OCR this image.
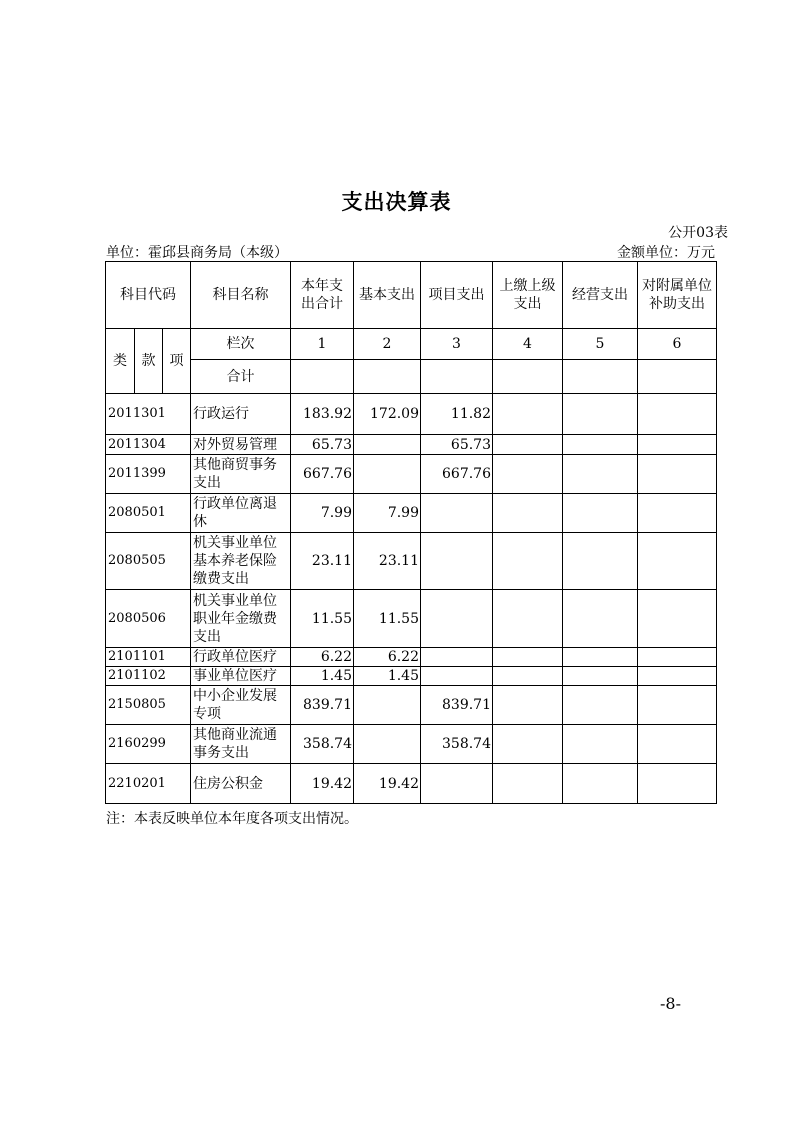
支出决算表
公开03表
单位：霍邱县商务局（本级）	金额单位：万元
科目代码			科目名称	本年支出合计	基本支出	项目支出	上缴上级支出	经营支出	对附属单位补助支出
类	款	项	栏次	1	2	3	4	5	6
			合计						
2011301			行政运行	183.92	172.09	11.82			
2011304			对外贸易管理	65.73		65.73			
2011399			其他商贸事务支出	667.76		667.76			
2080501			行政单位离退休	7.99	7.99				
2080505			机关事业单位基本养老保险缴费支出	23.11	23.11				
2080506			机关事业单位职业年金缴费支出	11.55	11.55				
2101101			行政单位医疗	6.22	6.22				
2101102			事业单位医疗	1.45	1.45				
2150805			中小企业发展专项	839.71		839.71			
2160299			其他商业流通事务支出	358.74		358.74			
2210201			住房公积金	19.42	19.42				
注：本表反映单位本年度各项支出情况。
-8-
